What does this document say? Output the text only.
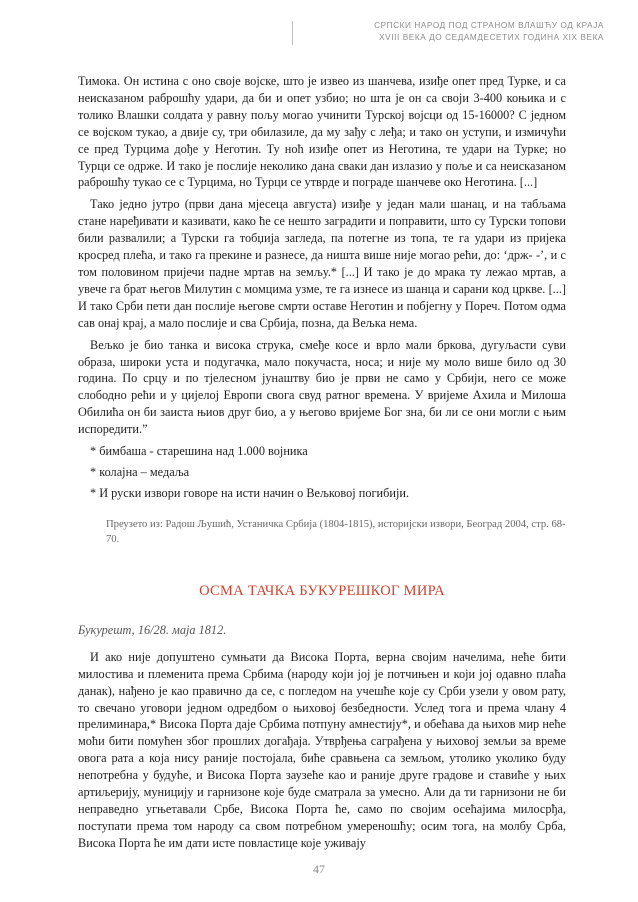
СРПСКИ НАРОД ПОД СТРАНОМ ВЛАШЋУ ОД КРАЈА
XVIII ВЕКА ДО СЕДАМДЕСЕТИХ ГОДИНА XIX ВЕКА

Тимока. Он истина с оно своје војске, што је извео из шанчева, изиђе опет пред Турке, и са неисказаном раброшћу удари, да би и опет узбио; но шта је он са своји 3-400 коњика и с толико Влашки солдата у равну пољу могао учинити Турској војсци од 15-16000? С једном се војском тукао, а двије су, три обилазиле, да му зађу с леђа; и тако он уступи, и измичући се пред Турцима дође у Неготин. Ту ноћ изиђе опет из Неготина, те удари на Турке; но Турци се одрже. И тако је послије неколико дана сваки дан излазио у поље и са неисказаном раброшћу тукао се с Турцима, но Турци се утврде и пограде шанчеве око Неготина. [...]

Тако једно јутро (први дана мјесеца августа) изиђе у један мали шанац, и на табљама стане наређивати и казивати, како ће се нешто заградити и поправити, што су Турски топови били развалили; а Турски га тобџија загледа, па потегне из топа, те га удари из пријека кросред плећа, и тако га прекине и разнесе, да ништа више није могао рећи, до: ‘држ- -’, и с том половином пријечи падне мртав на земљу.* [...] И тако је до мрака ту лежао мртав, а увече га брат његов Милутин с момцима узме, те га изнесе из шанца и сарани код цркве. [...] И тако Срби пети дан послије његове смрти оставе Неготин и побјегну у Пореч. Потом одма сав онај крај, а мало послије и сва Србија, позна, да Вељка нема.

Вељко је био танка и висока струка, смеђе косе и врло мали бркова, дугуљасти суви образа, широки уста и подугачка, мало покучаста, носа; и није му моло више било од 30 година. По срцу и по тјелесном јунаштву био је први не само у Србији, него се може слободно рећи и у цијелој Европи свога свуд ратног времена. У вријеме Ахила и Милоша Обилића он би заиста њиов друг био, а у његово вријеме Бог зна, би ли се они могли с њим испоредити.”

* бимбаша - старешина над 1.000 војника
* колајна – медаља
* И руски извори говоре на исти начин о Вељковој погибији.
Преузето из: Радош Љушић, Устаничка Србија (1804-1815), историјски извори, Београд 2004, стр. 68-70.
ОСМА ТАЧКА БУКУРЕШКОГ МИРА
Букурешт, 16/28. маја 1812.

И ако није допуштено сумњати да Висока Порта, верна својим начелима, неће бити милостива и племенита према Србима (народу који јој је потчињен и који јој одавно плаћа данак), нађено је као правично да се, с погледом на учешће које су Срби узели у овом рату, то свечано уговори једном одредбом о њиховој безбедности. Услед тога и према члану 4 прелиминара,* Висока Порта даје Србима потпуну амнестију*, и обећава да њихов мир неће моћи бити помућен због прошлих догађаја. Утврђења саграђена у њиховој земљи за време овога рата а која нису раније постојала, биће сравњена са земљом, утолико уколико буду непотребна у будуће, и Висока Порта заузеће као и раније друге градове и ставиће у њих артиљерију, муницију и гарнизоне које буде сматрала за умесно. Али да ти гарнизони не би неправедно угњетавали Србе, Висока Порта ће, само по својим осећајима милосрђа, поступати према том народу са свом потребном умереношћу; осим тога, на молбу Срба, Висока Порта ће им дати исте повластице које уживају

47
